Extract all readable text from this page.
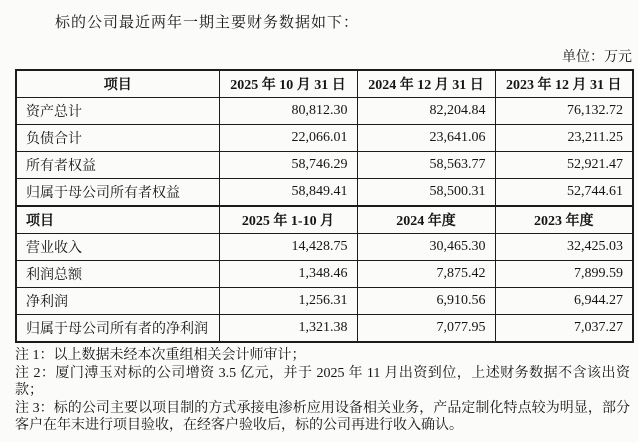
标的公司最近两年一期主要财务数据如下：
单位：万元
项目	2025 年 10 月 31 日	2024 年 12 月 31 日	2023 年 12 月 31 日
资产总计	80,812.30	82,204.84	76,132.72
负债合计	22,066.01	23,641.06	23,211.25
所有者权益	58,746.29	58,563.77	52,921.47
归属于母公司所有者权益	58,849.41	58,500.31	52,744.61
项目	2025 年 1-10 月	2024 年度	2023 年度
营业收入	14,428.75	30,465.30	32,425.03
利润总额	1,348.46	7,875.42	7,899.59
净利润	1,256.31	6,910.56	6,944.27
归属于母公司所有者的净利润	1,321.38	7,077.95	7,037.27
注 1：以上数据未经本次重组相关会计师审计；
注 2：厦门溥玉对标的公司增资 3.5 亿元，并于 2025 年 11 月出资到位，上述财务数据不含该出资款；
注 3：标的公司主要以项目制的方式承接电渗析应用设备相关业务，产品定制化特点较为明显，部分客户在年末进行项目验收，在经客户验收后，标的公司再进行收入确认。
